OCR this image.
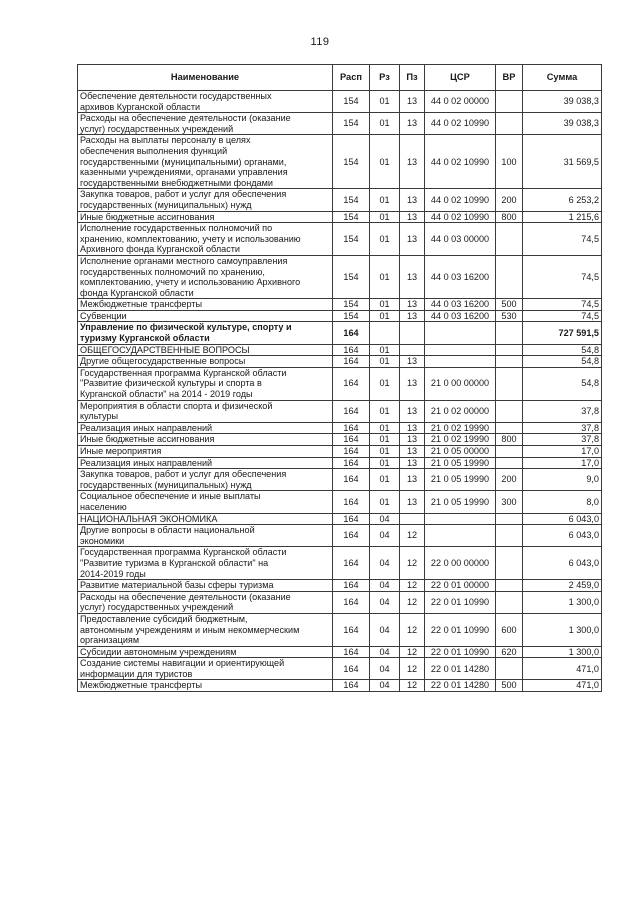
119
Наименование	Расп	Рз	Пз	ЦСР	ВР	Сумма
Обеспечение деятельности государственных
архивов Курганской области	154	01	13	44 0 02 00000		39 038,3
Расходы на обеспечение деятельности (оказание
услуг) государственных учреждений	154	01	13	44 0 02 10990		39 038,3
Расходы на выплаты персоналу в целях
обеспечения выполнения функций
государственными (муниципальными) органами,
казенными учреждениями, органами управления
государственными внебюджетными фондами	154	01	13	44 0 02 10990	100	31 569,5
Закупка товаров, работ и услуг для обеспечения
государственных (муниципальных) нужд	154	01	13	44 0 02 10990	200	6 253,2
Иные бюджетные ассигнования	154	01	13	44 0 02 10990	800	1 215,6
Исполнение государственных полномочий по
хранению, комплектованию, учету и использованию
Архивного фонда Курганской области	154	01	13	44 0 03 00000		74,5
Исполнение органами местного самоуправления
государственных полномочий по хранению,
комплектованию, учету и использованию Архивного
фонда Курганской области	154	01	13	44 0 03 16200		74,5
Межбюджетные трансферты	154	01	13	44 0 03 16200	500	74,5
Субвенции	154	01	13	44 0 03 16200	530	74,5
Управление по физической культуре, спорту и
туризму Курганской области	164					727 591,5
ОБЩЕГОСУДАРСТВЕННЫЕ ВОПРОСЫ	164	01				54,8
Другие общегосударственные вопросы	164	01	13			54,8
Государственная программа Курганской области
"Развитие физической культуры и спорта в
Курганской области" на 2014 - 2019 годы	164	01	13	21 0 00 00000		54,8
Мероприятия в области спорта и физической
культуры	164	01	13	21 0 02 00000		37,8
Реализация иных направлений	164	01	13	21 0 02 19990		37,8
Иные бюджетные ассигнования	164	01	13	21 0 02 19990	800	37,8
Иные мероприятия	164	01	13	21 0 05 00000		17,0
Реализация иных направлений	164	01	13	21 0 05 19990		17,0
Закупка товаров, работ и услуг для обеспечения
государственных (муниципальных) нужд	164	01	13	21 0 05 19990	200	9,0
Социальное обеспечение и иные выплаты
населению	164	01	13	21 0 05 19990	300	8,0
НАЦИОНАЛЬНАЯ ЭКОНОМИКА	164	04				6 043,0
Другие вопросы в области национальной
экономики	164	04	12			6 043,0
Государственная программа Курганской области
"Развитие туризма в Курганской области" на
2014-2019 годы	164	04	12	22 0 00 00000		6 043,0
Развитие материальной базы сферы туризма	164	04	12	22 0 01 00000		2 459,0
Расходы на обеспечение деятельности (оказание
услуг) государственных учреждений	164	04	12	22 0 01 10990		1 300,0
Предоставление субсидий бюджетным,
автономным учреждениям и иным некоммерческим
организациям	164	04	12	22 0 01 10990	600	1 300,0
Субсидии автономным учреждениям	164	04	12	22 0 01 10990	620	1 300,0
Создание системы навигации и ориентирующей
информации для туристов	164	04	12	22 0 01 14280		471,0
Межбюджетные трансферты	164	04	12	22 0 01 14280	500	471,0
